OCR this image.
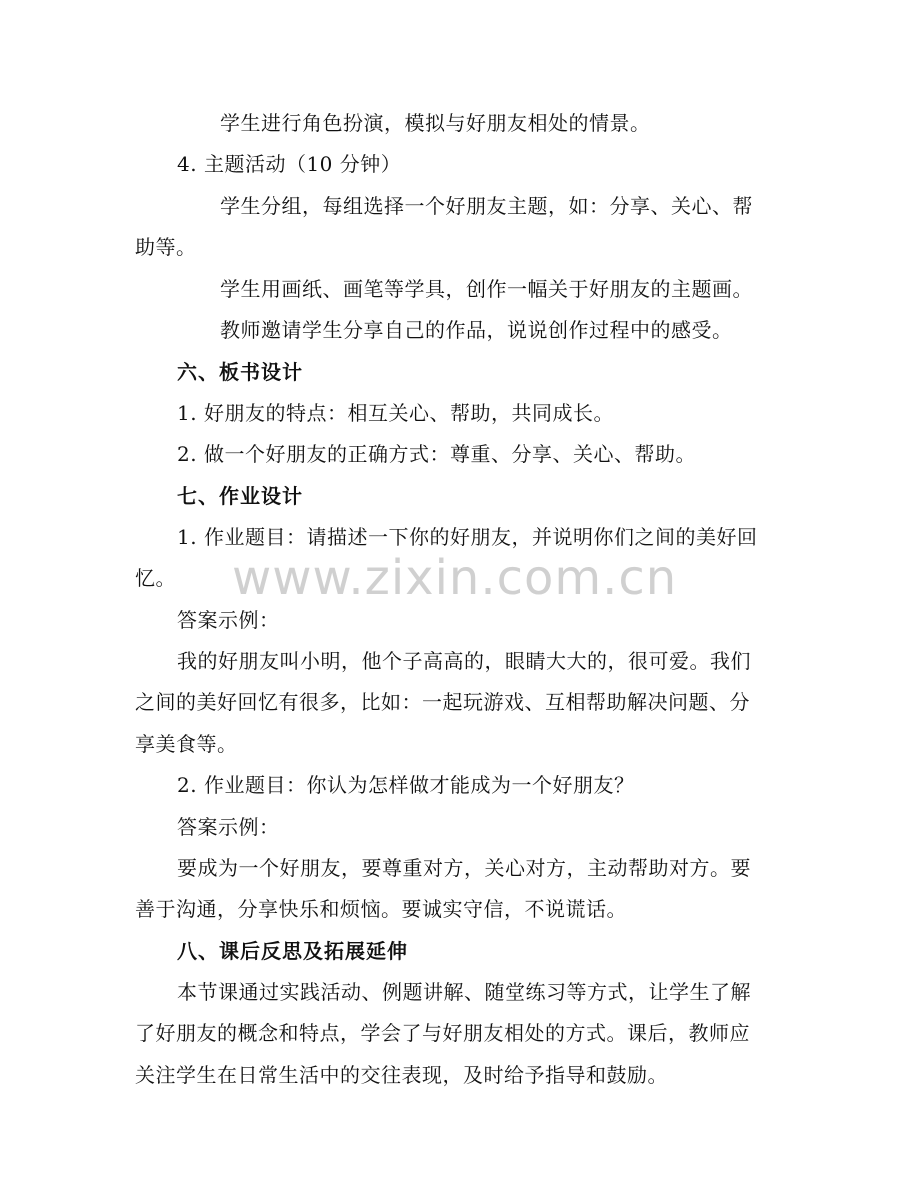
www.zixin.com.cn
学生进行角色扮演，模拟与好朋友相处的情景。
4. 主题活动（10 分钟）
学生分组，每组选择一个好朋友主题，如：分享、关心、帮
助等。
学生用画纸、画笔等学具，创作一幅关于好朋友的主题画。
教师邀请学生分享自己的作品，说说创作过程中的感受。
六、板书设计
1. 好朋友的特点：相互关心、帮助，共同成长。
2. 做一个好朋友的正确方式：尊重、分享、关心、帮助。
七、作业设计
1. 作业题目：请描述一下你的好朋友，并说明你们之间的美好回
忆。
答案示例：
我的好朋友叫小明，他个子高高的，眼睛大大的，很可爱。我们
之间的美好回忆有很多，比如：一起玩游戏、互相帮助解决问题、分
享美食等。
2. 作业题目：你认为怎样做才能成为一个好朋友？
答案示例：
要成为一个好朋友，要尊重对方，关心对方，主动帮助对方。要
善于沟通，分享快乐和烦恼。要诚实守信，不说谎话。
八、课后反思及拓展延伸
本节课通过实践活动、例题讲解、随堂练习等方式，让学生了解
了好朋友的概念和特点，学会了与好朋友相处的方式。课后，教师应
关注学生在日常生活中的交往表现，及时给予指导和鼓励。
